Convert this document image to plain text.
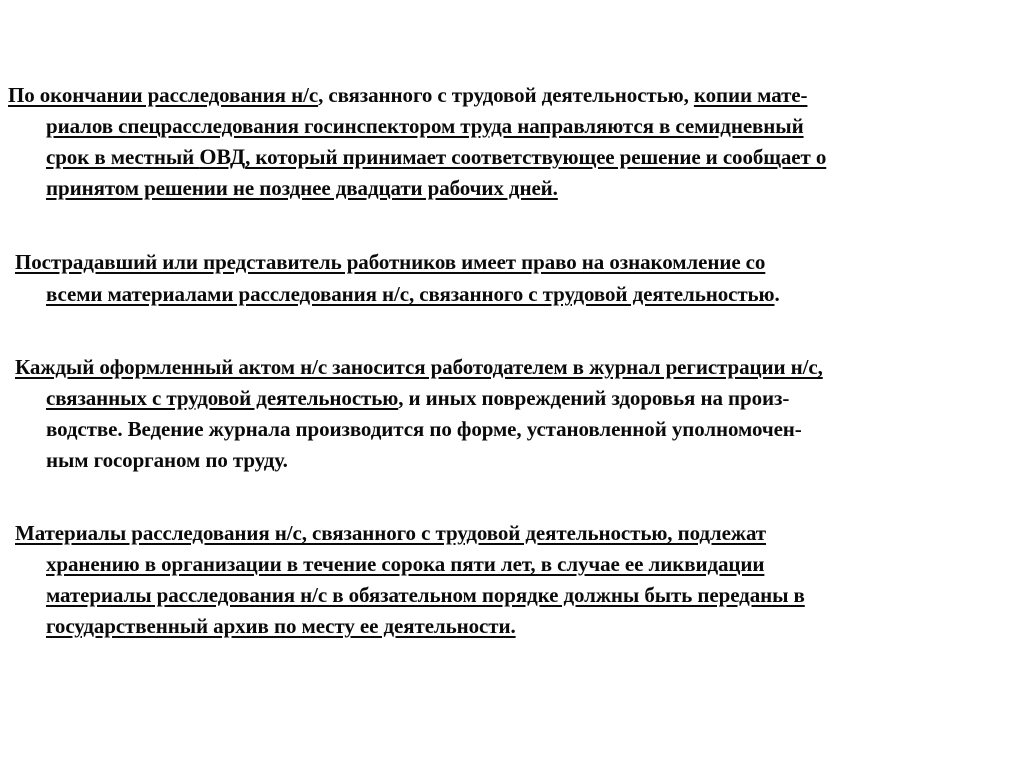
По окончании расследования н/с, связанного с трудовой деятельностью, копии мате-
риалов спецрасследования госинспектором труда направляются в семидневный
срок в местный ОВД, который принимает соответствующее решение и сообщает о
принятом решении не позднее двадцати рабочих дней.
Пострадавший или представитель работников имеет право на ознакомление со
всеми материалами расследования н/с, связанного с трудовой деятельностью.
Каждый оформленный актом н/с заносится работодателем в журнал регистрации н/с,
связанных с трудовой деятельностью, и иных повреждений здоровья на произ-
водстве. Ведение журнала производится по форме, установленной уполномочен-
ным госорганом по труду.
Материалы расследования н/с, связанного с трудовой деятельностью, подлежат
хранению в организации в течение сорока пяти лет, в случае ее ликвидации
материалы расследования н/с в обязательном порядке должны быть переданы в
государственный архив по месту ее деятельности.
